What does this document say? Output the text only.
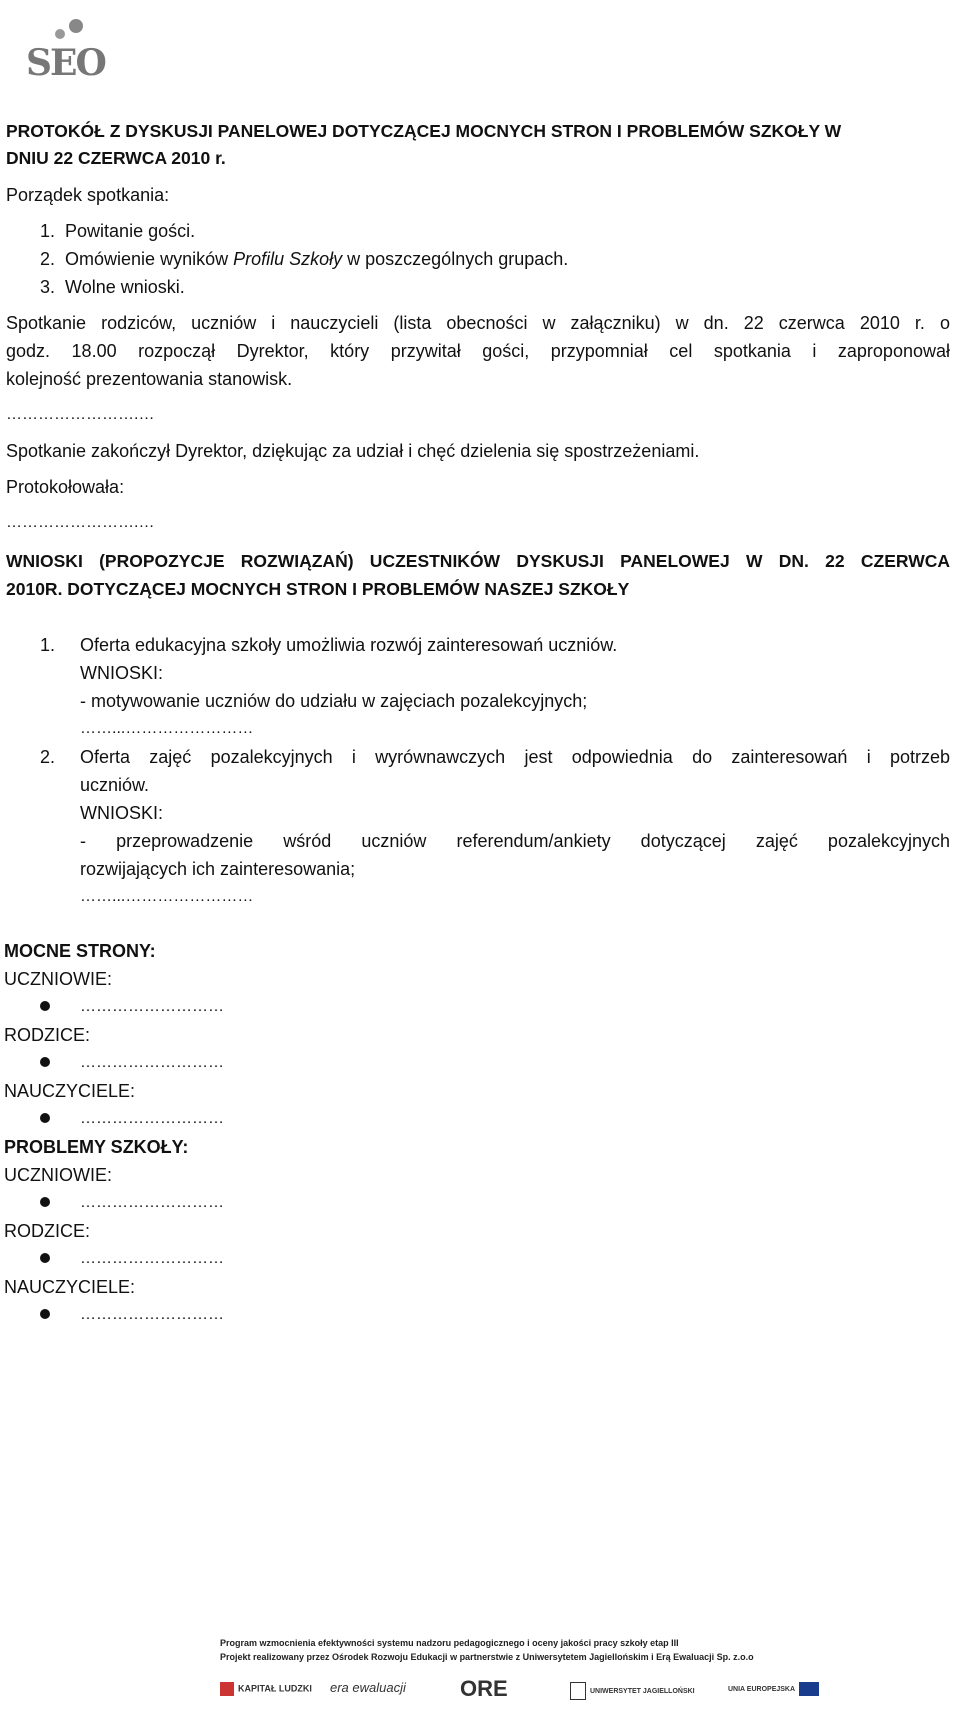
SEO
PROTOKÓŁ Z DYSKUSJI PANELOWEJ DOTYCZĄCEJ MOCNYCH STRON I PROBLEMÓW SZKOŁY W
DNIU 22 CZERWCA 2010 r.
Porządek spotkania:
1. Powitanie gości.
2. Omówienie wyników Profilu Szkoły w poszczególnych grupach.
3. Wolne wnioski.
Spotkanie rodziców, uczniów i nauczycieli (lista obecności w załączniku) w dn. 22 czerwca 2010 r. o
godz. 18.00 rozpoczął Dyrektor, który przywitał gości, przypomniał cel spotkania i zaproponował
kolejność prezentowania stanowisk.
…………………….…
Spotkanie zakończył Dyrektor, dziękując za udział i chęć dzielenia się spostrzeżeniami.
Protokołowała:
…………………….…
WNIOSKI (PROPOZYCJE ROZWIĄZAŃ) UCZESTNIKÓW DYSKUSJI PANELOWEJ W DN. 22 CZERWCA
2010R. DOTYCZĄCEJ MOCNYCH STRON I PROBLEMÓW NASZEJ SZKOŁY
1. Oferta edukacyjna szkoły umożliwia rozwój zainteresowań uczniów.
WNIOSKI:
- motywowanie uczniów do udziału w zajęciach pozalekcyjnych;
……...……………………
2. Oferta zajęć pozalekcyjnych i wyrównawczych jest odpowiednia do zainteresowań i potrzeb
uczniów.
WNIOSKI:
- przeprowadzenie wśród uczniów referendum/ankiety dotyczącej zajęć pozalekcyjnych
rozwijających ich zainteresowania;
……...……………………
MOCNE STRONY:
UCZNIOWIE:
………………………
RODZICE:
………………………
NAUCZYCIELE:
………………………
PROBLEMY SZKOŁY:
UCZNIOWIE:
………………………
RODZICE:
………………………
NAUCZYCIELE:
………………………
Program wzmocnienia efektywności systemu nadzoru pedagogicznego i oceny jakości pracy szkoły etap III
Projekt realizowany przez Ośrodek Rozwoju Edukacji w partnerstwie z Uniwersytetem Jagiellońskim i Erą Ewaluacji Sp. z.o.o
KAPITAŁ LUDZKI era ewaluacji ORE	UNIWERSYTET JAGIELLOŃSKI	UNIA EUROPEJSKA
